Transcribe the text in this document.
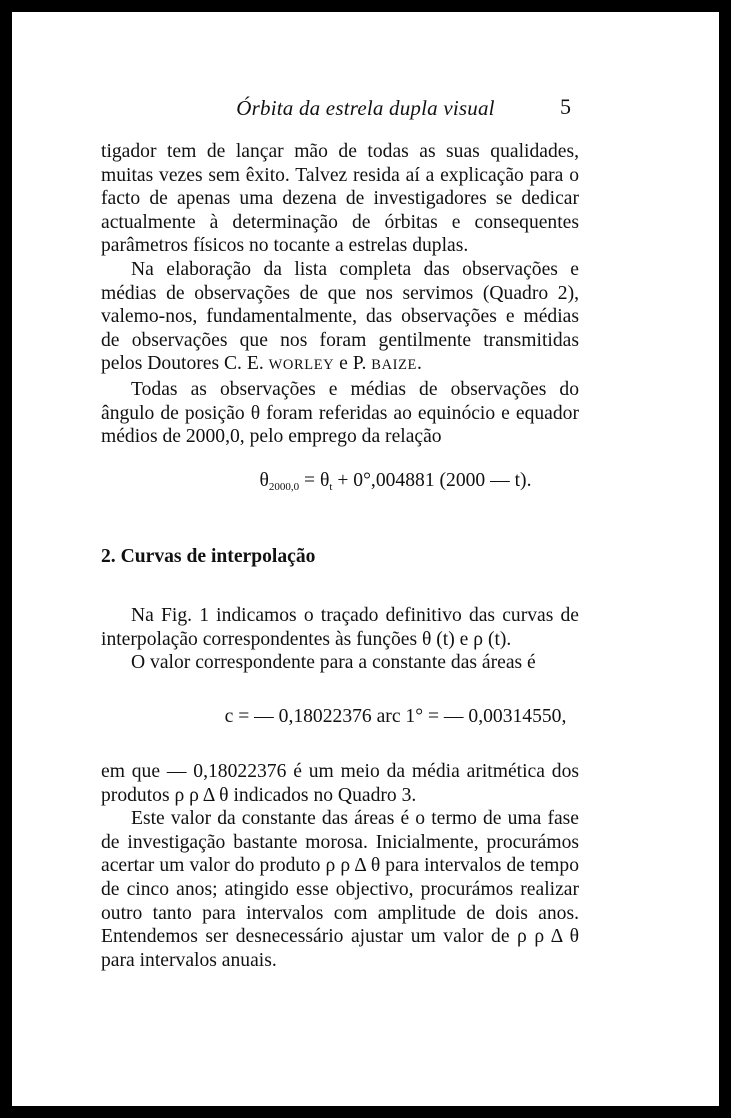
Órbita da estrela dupla visual	5

tigador tem de lançar mão de todas as suas qualidades, muitas vezes sem êxito. Talvez resida aí a explicação para o facto de apenas uma dezena de investigadores se dedicar actualmente à determinação de órbitas e consequentes parâmetros físicos no tocante a estrelas duplas.

Na elaboração da lista completa das observações e médias de observações de que nos servimos (Quadro 2), valemo-nos, fundamentalmente, das observações e médias de observações que nos foram gentilmente transmitidas pelos Doutores C. E. WORLEY e P. BAIZE.

Todas as observações e médias de observações do ângulo de posição θ foram referidas ao equinócio e equador médios de 2000,0, pelo emprego da relação

$\theta_{2000,0} = \theta_t + 0^\circ,004881$ (2000 — t).
2. Curvas de interpolação

Na Fig. 1 indicamos o traçado definitivo das curvas de interpolação correspondentes às funções θ (t) e ρ (t).

O valor correspondente para a constante das áreas é

c = — 0,18022376 arc 1° = — 0,00314550,

em que — 0,18022376 é um meio da média aritmética dos produtos ρ ρ Δ θ indicados no Quadro 3.

Este valor da constante das áreas é o termo de uma fase de investigação bastante morosa. Inicialmente, procurámos acertar um valor do produto ρ ρ Δ θ para intervalos de tempo de cinco anos; atingido esse objectivo, procurámos realizar outro tanto para intervalos com amplitude de dois anos. Entendemos ser desnecessário ajustar um valor de ρ ρ Δ θ para intervalos anuais.
